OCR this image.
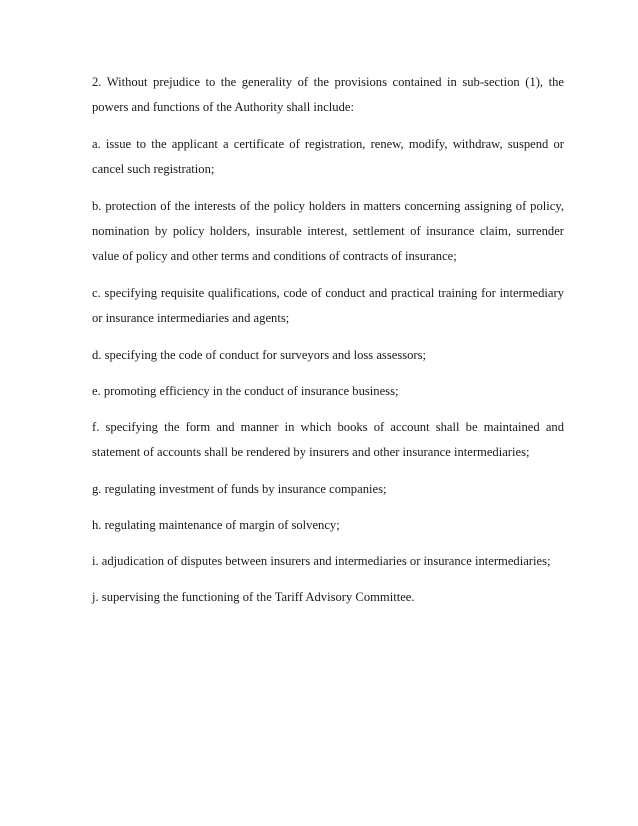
2. Without prejudice to the generality of the provisions contained in sub-section (1), the powers and functions of the Authority shall include:

a. issue to the applicant a certificate of registration, renew, modify, withdraw, suspend or cancel such registration;

b. protection of the interests of the policy holders in matters concerning assigning of policy, nomination by policy holders, insurable interest, settlement of insurance claim, surrender value of policy and other terms and conditions of contracts of insurance;

c. specifying requisite qualifications, code of conduct and practical training for intermediary or insurance intermediaries and agents;

d. specifying the code of conduct for surveyors and loss assessors;

e. promoting efficiency in the conduct of insurance business;

f. specifying the form and manner in which books of account shall be maintained and statement of accounts shall be rendered by insurers and other insurance intermediaries;

g. regulating investment of funds by insurance companies;

h. regulating maintenance of margin of solvency;

i. adjudication of disputes between insurers and intermediaries or insurance intermediaries;

j. supervising the functioning of the Tariff Advisory Committee.
